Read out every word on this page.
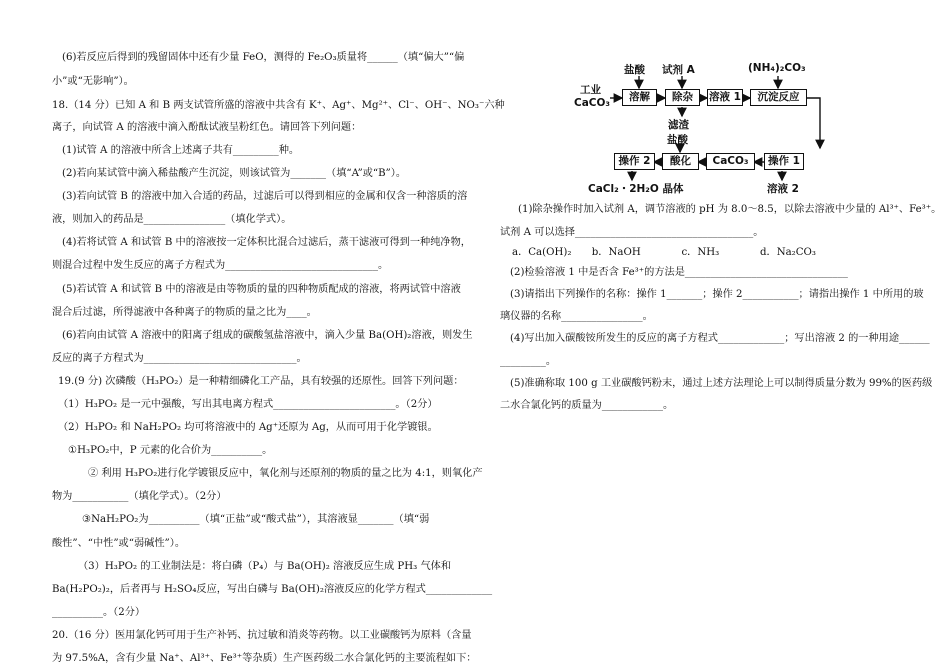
(6)若反应后得到的残留固体中还有少量 FeO，测得的 Fe₂O₃质量将______（填“偏大”“偏
小”或“无影响”）。
18.（14 分）已知 A 和 B 两支试管所盛的溶液中共含有 K⁺、Ag⁺、Mg²⁺、Cl⁻、OH⁻、NO₃⁻六种
离子，向试管 A 的溶液中滴入酚酞试液呈粉红色。请回答下列问题：
(1)试管 A 的溶液中所含上述离子共有_________种。
(2)若向某试管中滴入稀盐酸产生沉淀，则该试管为_______（填“A”或“B”）。
(3)若向试管 B 的溶液中加入合适的药品，过滤后可以得到相应的金属和仅含一种溶质的溶
液，则加入的药品是________________（填化学式）。
(4)若将试管 A 和试管 B 中的溶液按一定体积比混合过滤后，蒸干滤液可得到一种纯净物，
则混合过程中发生反应的离子方程式为______________________________。
(5)若试管 A 和试管 B 中的溶液是由等物质的量的四种物质配成的溶液，将两试管中溶液
混合后过滤，所得滤液中各种离子的物质的量之比为____。
(6)若向由试管 A 溶液中的阳离子组成的碳酸氢盐溶液中，滴入少量 Ba(OH)₂溶液，则发生
反应的离子方程式为______________________________。
19.(9 分) 次磷酸（H₃PO₂）是一种精细磷化工产品，具有较强的还原性。回答下列问题：
（1）H₃PO₂ 是一元中强酸，写出其电离方程式________________________。（2分）
（2）H₃PO₂ 和 NaH₂PO₂ 均可将溶液中的 Ag⁺还原为 Ag，从而可用于化学镀银。
①H₃PO₂中，P 元素的化合价为__________。
② 利用 H₃PO₂进行化学镀银反应中，氧化剂与还原剂的物质的量之比为 4:1，则氧化产
物为___________（填化学式）。（2分）
③NaH₂PO₂为__________（填“正盐”或“酸式盐”），其溶液显_______（填“弱
酸性”、“中性”或“弱碱性”）。
（3）H₃PO₂ 的工业制法是：将白磷（P₄）与 Ba(OH)₂ 溶液反应生成 PH₃ 气体和
Ba(H₂PO₂)₂，后者再与 H₂SO₄反应，写出白磷与 Ba(OH)₂溶液反应的化学方程式_____________
__________。（2分）
20.（16 分）医用氯化钙可用于生产补钙、抗过敏和消炎等药物。以工业碳酸钙为原料（含量
为 97.5%A，含有少量 Na⁺、Al³⁺、Fe³⁺等杂质）生产医药级二水合氯化钙的主要流程如下：
盐酸 试剂 A	(NH₄)₂CO₃
工业
CaCO₃	溶解	除杂	溶液 1	沉淀反应
滤渣
盐酸
操作 2	酸化	CaCO₃	操作 1
CaCl₂・2H₂O 晶体	溶液 2
(1)除杂操作时加入试剂 A，调节溶液的 pH 为 8.0～8.5，以除去溶液中少量的 Al³⁺、Fe³⁺。
试剂 A 可以选择___________________________________。
a．Ca(OH)₂　　b．NaOH　　　　c．NH₃　　　　d．Na₂CO₃
(2)检验溶液 1 中是否含 Fe³⁺的方法是________________________________
(3)请指出下列操作的名称：操作 1_______；操作 2___________；请指出操作 1 中所用的玻
璃仪器的名称________________。
(4)写出加入碳酸铵所发生的反应的离子方程式_____________；写出溶液 2 的一种用途______
_________。
(5)准确称取 100 g 工业碳酸钙粉末，通过上述方法理论上可以制得质量分数为 99%的医药级
二水合氯化钙的质量为____________。
